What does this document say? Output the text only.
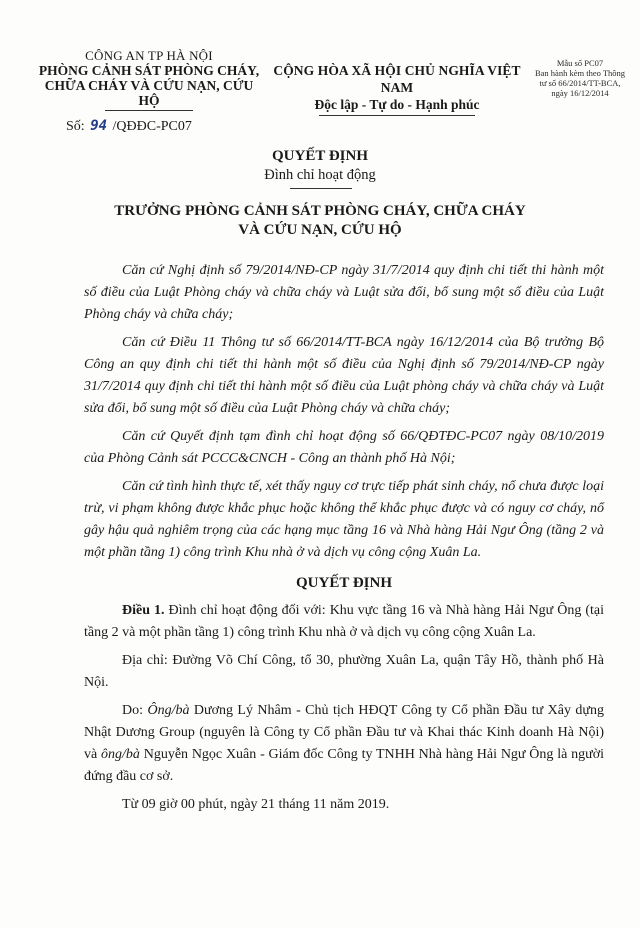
CÔNG AN TP HÀ NỘI
PHÒNG CẢNH SÁT PHÒNG CHÁY,
CHỮA CHÁY VÀ CỨU NẠN, CỨU HỘ
Số: 94 /QĐĐC-PC07
CỘNG HÒA XÃ HỘI CHỦ NGHĨA VIỆT NAM
Độc lập - Tự do - Hạnh phúc
Mẫu số PC07
Ban hành kèm theo Thông
tư số 66/2014/TT-BCA,
ngày 16/12/2014
QUYẾT ĐỊNH
Đình chỉ hoạt động
TRƯỞNG PHÒNG CẢNH SÁT PHÒNG CHÁY, CHỮA CHÁY
VÀ CỨU NẠN, CỨU HỘ

Căn cứ Nghị định số 79/2014/NĐ-CP ngày 31/7/2014 quy định chi tiết thi hành một số điều của Luật Phòng cháy và chữa cháy và Luật sửa đổi, bổ sung một số điều của Luật Phòng cháy và chữa cháy;

Căn cứ Điều 11 Thông tư số 66/2014/TT-BCA ngày 16/12/2014 của Bộ trưởng Bộ Công an quy định chi tiết thi hành một số điều của Nghị định số 79/2014/NĐ-CP ngày 31/7/2014 quy định chi tiết thi hành một số điều của Luật phòng cháy và chữa cháy và Luật sửa đổi, bổ sung một số điều của Luật Phòng cháy và chữa cháy;

Căn cứ Quyết định tạm đình chỉ hoạt động số 66/QĐTĐC-PC07 ngày 08/10/2019 của Phòng Cảnh sát PCCC&CNCH - Công an thành phố Hà Nội;

Căn cứ tình hình thực tế, xét thấy nguy cơ trực tiếp phát sinh cháy, nổ chưa được loại trừ, vi phạm không được khắc phục hoặc không thể khắc phục được và có nguy cơ cháy, nổ gây hậu quả nghiêm trọng của các hạng mục tầng 16 và Nhà hàng Hải Ngư Ông (tầng 2 và một phần tầng 1) công trình Khu nhà ở và dịch vụ công cộng Xuân La.

QUYẾT ĐỊNH

Điều 1. Đình chỉ hoạt động đối với: Khu vực tầng 16 và Nhà hàng Hải Ngư Ông (tại tầng 2 và một phần tầng 1) công trình Khu nhà ở và dịch vụ công cộng Xuân La.

Địa chỉ: Đường Võ Chí Công, tổ 30, phường Xuân La, quận Tây Hồ, thành phố Hà Nội.

Do: Ông/bà Dương Lý Nhâm - Chủ tịch HĐQT Công ty Cổ phần Đầu tư Xây dựng Nhật Dương Group (nguyên là Công ty Cổ phần Đầu tư và Khai thác Kinh doanh Hà Nội) và ông/bà Nguyễn Ngọc Xuân - Giám đốc Công ty TNHH Nhà hàng Hải Ngư Ông là người đứng đầu cơ sở.

Từ 09 giờ 00 phút, ngày 21 tháng 11 năm 2019.
